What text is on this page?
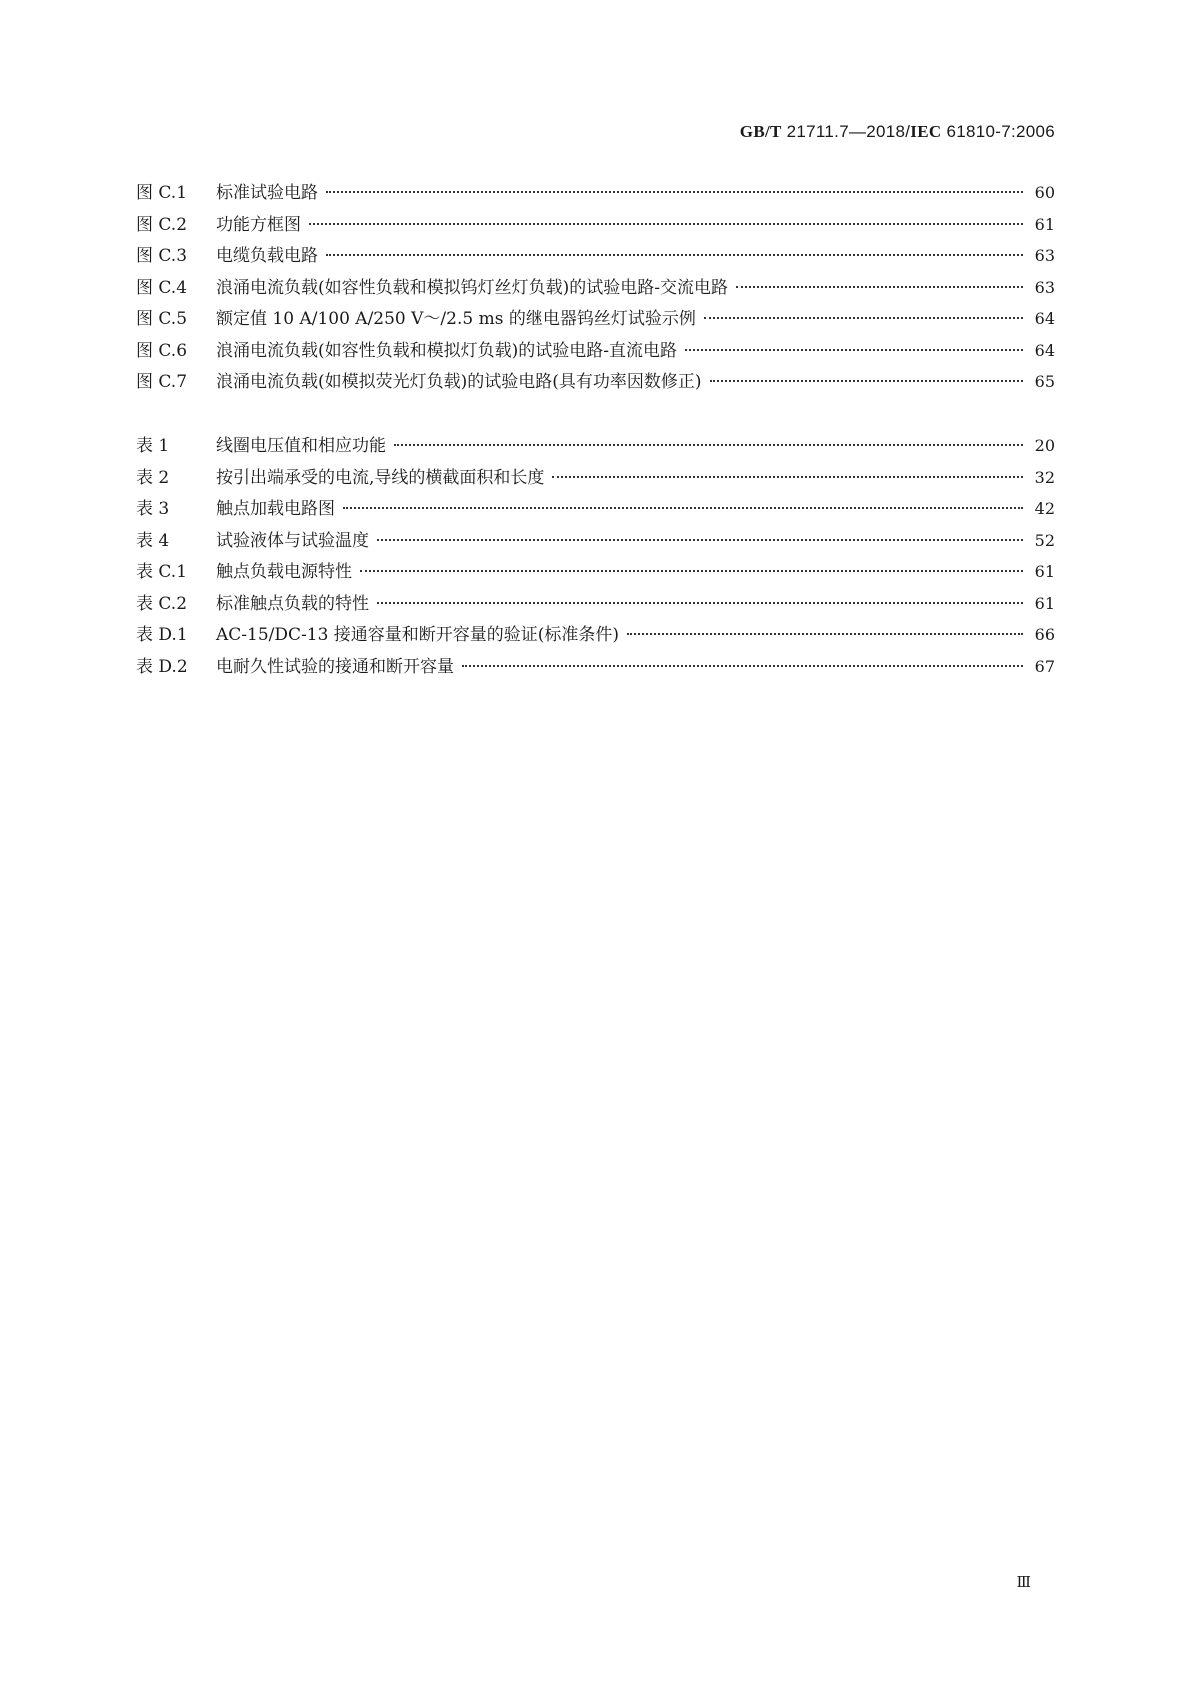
GB/T 21711.7—2018/IEC 61810-7:2006
图 C.1	标准试验电路	60
图 C.2	功能方框图	61
图 C.3	电缆负载电路	63
图 C.4	浪涌电流负载(如容性负载和模拟钨灯丝灯负载)的试验电路-交流电路	63
图 C.5	额定值 10 A/100 A/250 V～/2.5 ms 的继电器钨丝灯试验示例	64
图 C.6	浪涌电流负载(如容性负载和模拟灯负载)的试验电路-直流电路	64
图 C.7	浪涌电流负载(如模拟荧光灯负载)的试验电路(具有功率因数修正)	65
表 1	线圈电压值和相应功能	20
表 2	按引出端承受的电流,导线的横截面积和长度	32
表 3	触点加载电路图	42
表 4	试验液体与试验温度	52
表 C.1	触点负载电源特性	61
表 C.2	标准触点负载的特性	61
表 D.1	AC-15/DC-13 接通容量和断开容量的验证(标准条件)	66
表 D.2	电耐久性试验的接通和断开容量	67
Ⅲ
